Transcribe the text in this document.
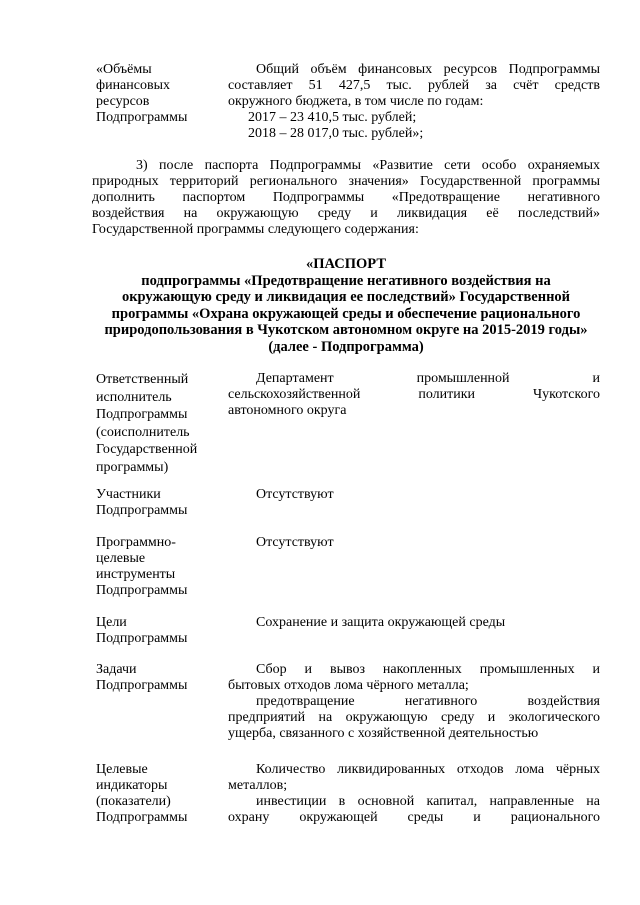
«Объёмы
финансовых
ресурсов
Подпрограммы
Общий объём финансовых ресурсов Подпрограммы
составляет 51 427,5 тыс. рублей за счёт средств
окружного бюджета, в том числе по годам:
2017 – 23 410,5 тыс. рублей;
2018 – 28 017,0 тыс. рублей»;
3) после паспорта Подпрограммы «Развитие сети особо охраняемых
природных территорий регионального значения» Государственной программы
дополнить паспортом Подпрограммы «Предотвращение негативного
воздействия на окружающую среду и ликвидация её последствий»
Государственной программы следующего содержания:
«ПАСПОРТ
подпрограммы «Предотвращение негативного воздействия на
окружающую среду и ликвидация ее последствий» Государственной
программы «Охрана окружающей среды и обеспечение рационального
природопользования в Чукотском автономном округе на 2015-2019 годы»
(далее - Подпрограмма)
Ответственный
исполнитель
Подпрограммы
(соисполнитель
Государственной
программы)
Департамент промышленной и
сельскохозяйственной политики Чукотского
автономного округа
Участники
Подпрограммы
Отсутствуют
Программно-
целевые
инструменты
Подпрограммы
Отсутствуют
Цели
Подпрограммы
Сохранение и защита окружающей среды
Задачи
Подпрограммы
Сбор и вывоз накопленных промышленных и
бытовых отходов лома чёрного металла;
предотвращение негативного воздействия
предприятий на окружающую среду и экологического
ущерба, связанного с хозяйственной деятельностью
Целевые
индикаторы
(показатели)
Подпрограммы
Количество ликвидированных отходов лома чёрных
металлов;
инвестиции в основной капитал, направленные на
охрану окружающей среды и рационального
